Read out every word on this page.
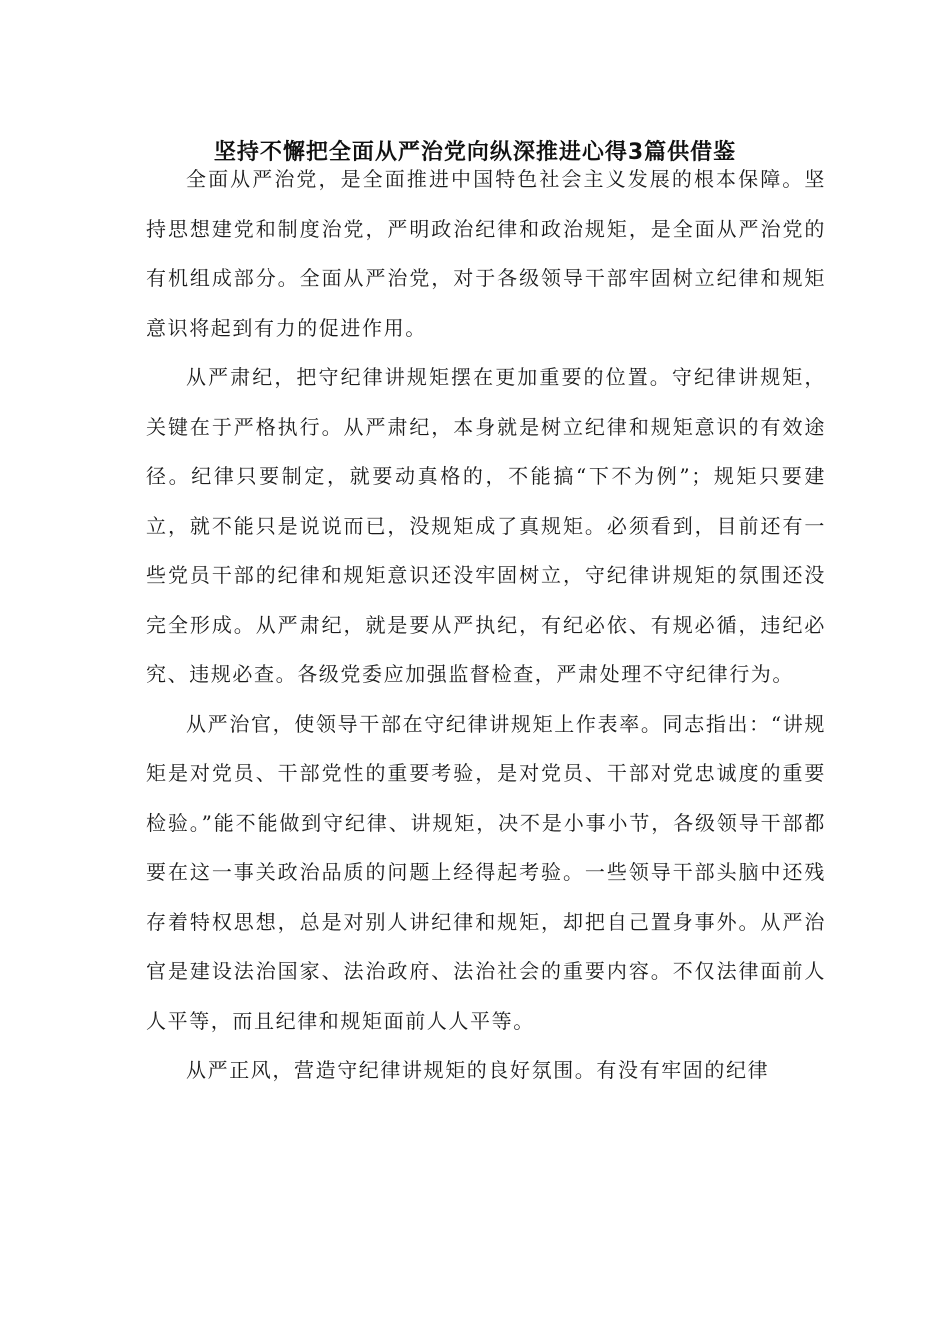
坚持不懈把全面从严治党向纵深推进心得3篇供借鉴

全面从严治党，是全面推进中国特色社会主义发展的根本保障。坚持思想建党和制度治党，严明政治纪律和政治规矩，是全面从严治党的有机组成部分。全面从严治党，对于各级领导干部牢固树立纪律和规矩意识将起到有力的促进作用。

从严肃纪，把守纪律讲规矩摆在更加重要的位置。守纪律讲规矩，关键在于严格执行。从严肃纪，本身就是树立纪律和规矩意识的有效途径。纪律只要制定，就要动真格的，不能搞“下不为例”；规矩只要建立，就不能只是说说而已，没规矩成了真规矩。必须看到，目前还有一些党员干部的纪律和规矩意识还没牢固树立，守纪律讲规矩的氛围还没完全形成。从严肃纪，就是要从严执纪，有纪必依、有规必循，违纪必究、违规必查。各级党委应加强监督检查，严肃处理不守纪律行为。

从严治官，使领导干部在守纪律讲规矩上作表率。同志指出：“讲规矩是对党员、干部党性的重要考验，是对党员、干部对党忠诚度的重要检验。”能不能做到守纪律、讲规矩，决不是小事小节，各级领导干部都要在这一事关政治品质的问题上经得起考验。一些领导干部头脑中还残存着特权思想，总是对别人讲纪律和规矩，却把自己置身事外。从严治官是建设法治国家、法治政府、法治社会的重要内容。不仅法律面前人人平等，而且纪律和规矩面前人人平等。

从严正风，营造守纪律讲规矩的良好氛围。有没有牢固的纪律
